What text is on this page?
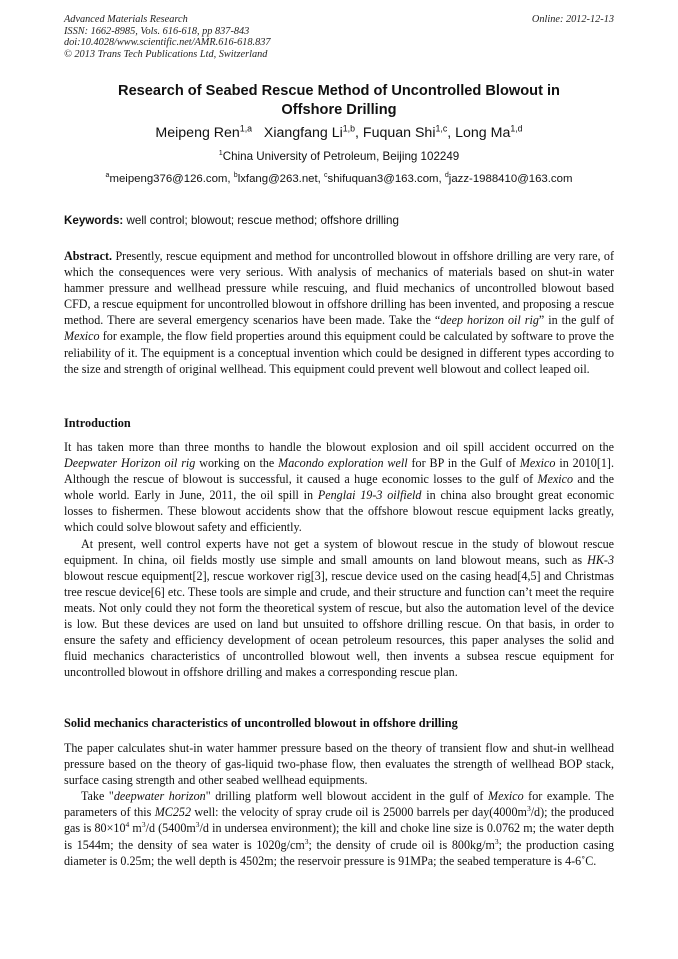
Advanced Materials Research
ISSN: 1662-8985, Vols. 616-618, pp 837-843
doi:10.4028/www.scientific.net/AMR.616-618.837
© 2013 Trans Tech Publications Ltd, Switzerland
Online: 2012-12-13
Research of Seabed Rescue Method of Uncontrolled Blowout in
Offshore Drilling
Meipeng Ren$^{1,a}$ Xiangfang Li$^{1,b}$, Fuquan Shi$^{1,c}$, Long Ma$^{1,d}$
$^1$China University of Petroleum, Beijing 102249
$^a$meipeng376@126.com, $^b$lxfang@263.net, $^c$shifuquan3@163.com, $^d$jazz-1988410@163.com
Keywords: well control; blowout; rescue method; offshore drilling

Abstract. Presently, rescue equipment and method for uncontrolled blowout in offshore drilling are very rare, of which the consequences were very serious. With analysis of mechanics of materials based on shut-in water hammer pressure and wellhead pressure while rescuing, and fluid mechanics of uncontrolled blowout based CFD, a rescue equipment for uncontrolled blowout in offshore drilling has been invented, and proposing a rescue method. There are several emergency scenarios have been made. Take the “deep horizon oil rig” in the gulf of Mexico for example, the flow field properties around this equipment could be calculated by software to prove the reliability of it. The equipment is a conceptual invention which could be designed in different types according to the size and strength of original wellhead. This equipment could prevent well blowout and collect leaped oil.

Introduction

It has taken more than three months to handle the blowout explosion and oil spill accident occurred on the Deepwater Horizon oil rig working on the Macondo exploration well for BP in the Gulf of Mexico in 2010[1]. Although the rescue of blowout is successful, it caused a huge economic losses to the gulf of Mexico and the whole world. Early in June, 2011, the oil spill in Penglai 19-3 oilfield in china also brought great economic losses to fishermen. These blowout accidents show that the offshore blowout rescue equipment lacks greatly, which could solve blowout safety and efficiently.

At present, well control experts have not get a system of blowout rescue in the study of blowout rescue equipment. In china, oil fields mostly use simple and small amounts on land blowout means, such as HK-3 blowout rescue equipment[2], rescue workover rig[3], rescue device used on the casing head[4,5] and Christmas tree rescue device[6] etc. These tools are simple and crude, and their structure and function can’t meet the require meats. Not only could they not form the theoretical system of rescue, but also the automation level of the device is low. But these devices are used on land but unsuited to offshore drilling rescue. On that basis, in order to ensure the safety and efficiency development of ocean petroleum resources, this paper analyses the solid and fluid mechanics characteristics of uncontrolled blowout well, then invents a subsea rescue equipment for uncontrolled blowout in offshore drilling and makes a corresponding rescue plan.

Solid mechanics characteristics of uncontrolled blowout in offshore drilling

The paper calculates shut-in water hammer pressure based on the theory of transient flow and shut-in wellhead pressure based on the theory of gas-liquid two-phase flow, then evaluates the strength of wellhead BOP stack, surface casing strength and other seabed wellhead equipments.

Take "deepwater horizon" drilling platform well blowout accident in the gulf of Mexico for example. The parameters of this MC252 well: the velocity of spray crude oil is 25000 barrels per $day(4000m^3/d)$; the produced gas is $80\times 10^4$ $m^3/d$ ($5400m^3/d$ in undersea environment); the kill and choke line size is 0.0762 m; the water depth is 1544m; the density of sea water is $1020g/cm^3$; the density of crude oil is $800kg/m^3$; the production casing diameter is 0.25m; the well depth is 4502m; the reservoir pressure is 91MPa; the seabed temperature is 4-6˚C.
